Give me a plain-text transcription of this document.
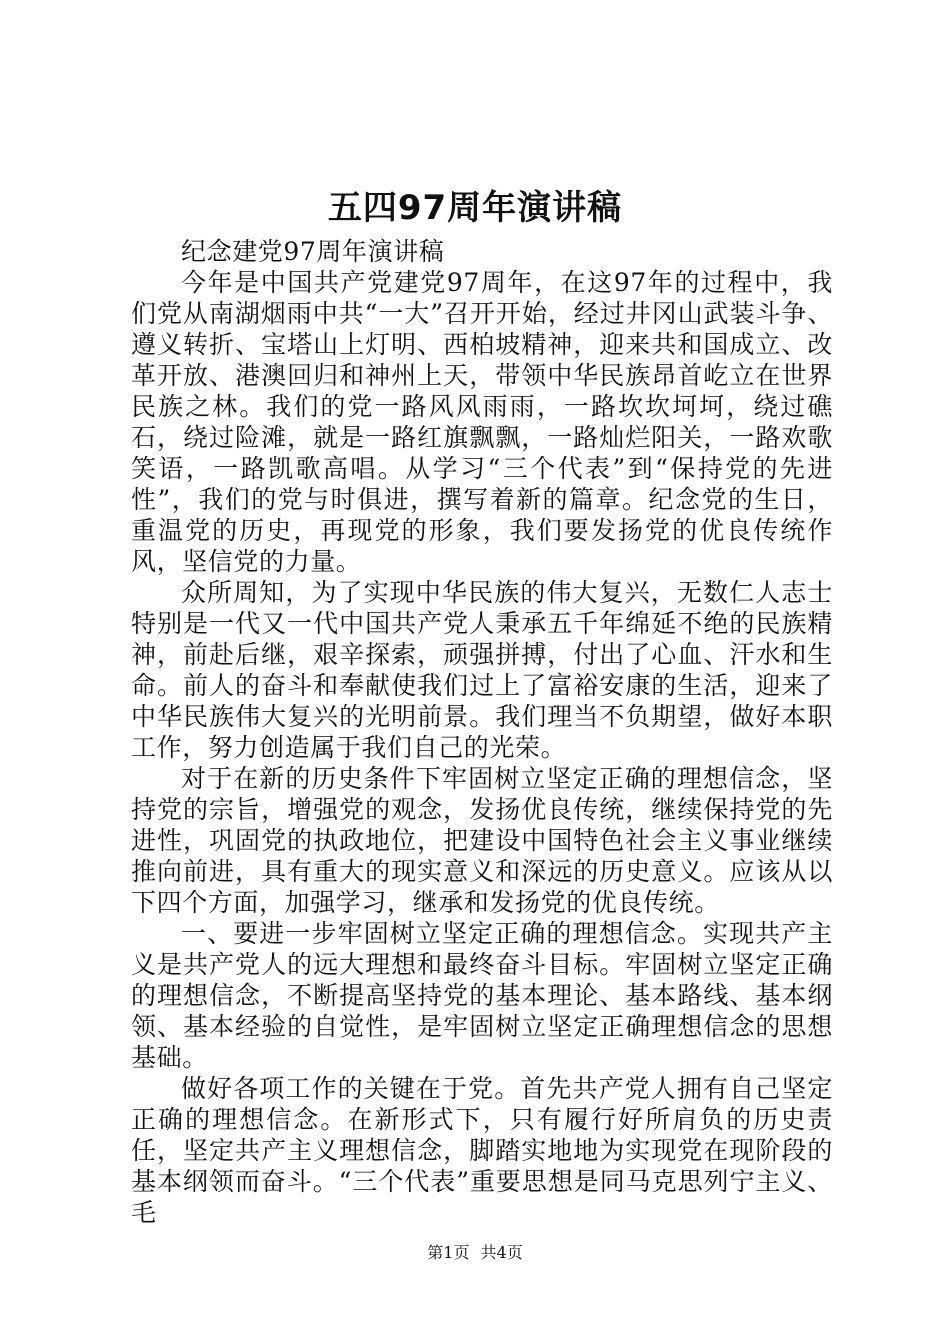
五四97周年演讲稿

纪念建党97周年演讲稿

今年是中国共产党建党97周年，在这97年的过程中，我们党从南湖烟雨中共“一大”召开开始，经过井冈山武装斗争、遵义转折、宝塔山上灯明、西柏坡精神，迎来共和国成立、改革开放、港澳回归和神州上天，带领中华民族昂首屹立在世界民族之林。我们的党一路风风雨雨，一路坎坎坷坷，绕过礁石，绕过险滩，就是一路红旗飘飘，一路灿烂阳关，一路欢歌笑语，一路凯歌高唱。从学习“三个代表”到“保持党的先进性”，我们的党与时俱进，撰写着新的篇章。纪念党的生日，重温党的历史，再现党的形象，我们要发扬党的优良传统作风，坚信党的力量。

众所周知，为了实现中华民族的伟大复兴，无数仁人志士特别是一代又一代中国共产党人秉承五千年绵延不绝的民族精神，前赴后继，艰辛探索，顽强拼搏，付出了心血、汗水和生命。前人的奋斗和奉献使我们过上了富裕安康的生活，迎来了中华民族伟大复兴的光明前景。我们理当不负期望，做好本职工作，努力创造属于我们自己的光荣。

对于在新的历史条件下牢固树立坚定正确的理想信念，坚持党的宗旨，增强党的观念，发扬优良传统，继续保持党的先进性，巩固党的执政地位，把建设中国特色社会主义事业继续推向前进，具有重大的现实意义和深远的历史意义。应该从以下四个方面，加强学习，继承和发扬党的优良传统。

一、要进一步牢固树立坚定正确的理想信念。实现共产主义是共产党人的远大理想和最终奋斗目标。牢固树立坚定正确的理想信念，不断提高坚持党的基本理论、基本路线、基本纲领、基本经验的自觉性，是牢固树立坚定正确理想信念的思想基础。

做好各项工作的关键在于党。首先共产党人拥有自己坚定正确的理想信念。在新形式下，只有履行好所肩负的历史责任，坚定共产主义理想信念，脚踏实地地为实现党在现阶段的基本纲领而奋斗。“三个代表”重要思想是同马克思列宁主义、毛

第1页 共4页
